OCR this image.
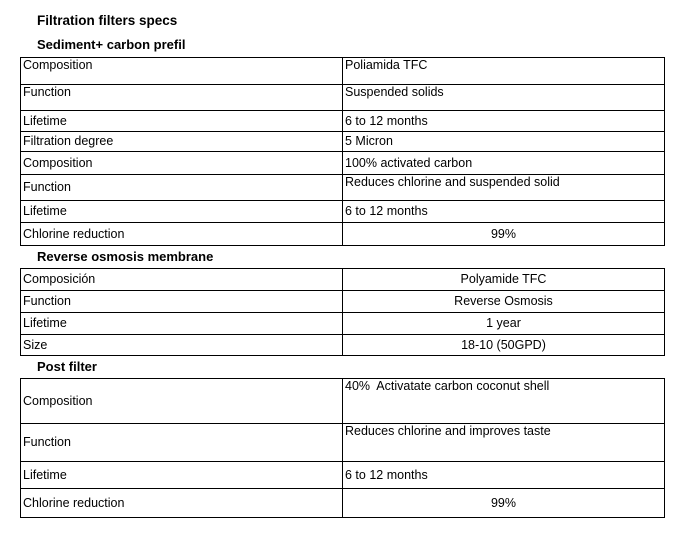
Filtration filters specs
Sediment+ carbon prefil
Composition	Poliamida TFC
Function	Suspended solids
Lifetime	6 to 12 months
Filtration degree	5 Micron
Composition	100% activated carbon
Function	Reduces chlorine and suspended solid
Lifetime	6 to 12 months
Chlorine reduction	99%
Reverse osmosis membrane
Composición	Polyamide TFC
Function	Reverse Osmosis
Lifetime	1 year
Size	18-10 (50GPD)
Post filter
Composition	40%  Activatate carbon coconut shell
Function	Reduces chlorine and improves taste
Lifetime	6 to 12 months
Chlorine reduction	99%
